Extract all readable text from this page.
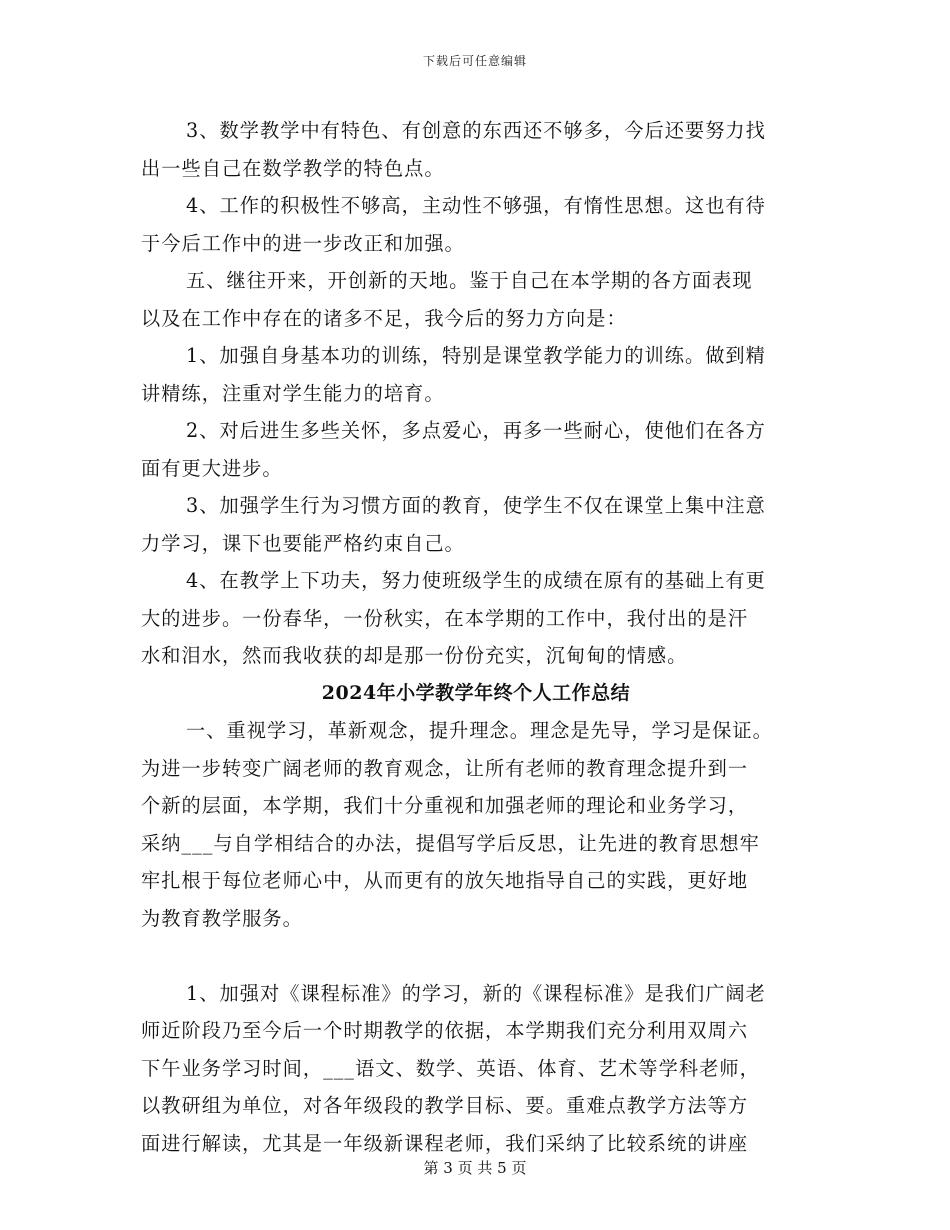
下载后可任意编辑
3、数学教学中有特色、有创意的东西还不够多，今后还要努力找
出一些自己在数学教学的特色点。
4、工作的积极性不够高，主动性不够强，有惰性思想。这也有待
于今后工作中的进一步改正和加强。
五、继往开来，开创新的天地。鉴于自己在本学期的各方面表现
以及在工作中存在的诸多不足，我今后的努力方向是：
1、加强自身基本功的训练，特别是课堂教学能力的训练。做到精
讲精练，注重对学生能力的培育。
2、对后进生多些关怀，多点爱心，再多一些耐心，使他们在各方
面有更大进步。
3、加强学生行为习惯方面的教育，使学生不仅在课堂上集中注意
力学习，课下也要能严格约束自己。
4、在教学上下功夫，努力使班级学生的成绩在原有的基础上有更
大的进步。一份春华，一份秋实，在本学期的工作中，我付出的是汗
水和泪水，然而我收获的却是那一份份充实，沉甸甸的情感。
2024年小学教学年终个人工作总结
一、重视学习，革新观念，提升理念。理念是先导，学习是保证。
为进一步转变广阔老师的教育观念，让所有老师的教育理念提升到一
个新的层面，本学期，我们十分重视和加强老师的理论和业务学习，
采纳___与自学相结合的办法，提倡写学后反思，让先进的教育思想牢
牢扎根于每位老师心中，从而更有的放矢地指导自己的实践，更好地
为教育教学服务。
1、加强对《课程标准》的学习，新的《课程标准》是我们广阔老
师近阶段乃至今后一个时期教学的依据，本学期我们充分利用双周六
下午业务学习时间，___语文、数学、英语、体育、艺术等学科老师，
以教研组为单位，对各年级段的教学目标、要。重难点教学方法等方
面进行解读，尤其是一年级新课程老师，我们采纳了比较系统的讲座
第 3 页 共 5 页
